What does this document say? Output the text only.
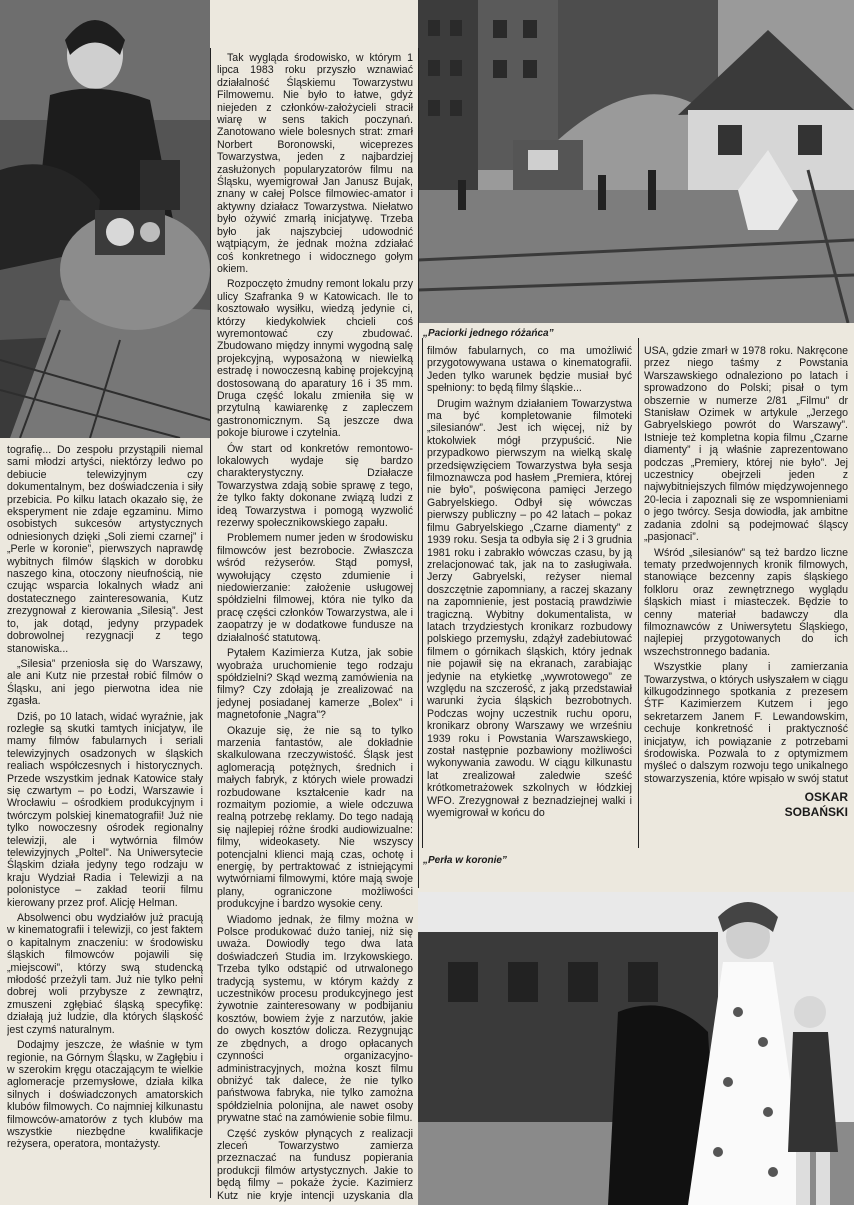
„Paciorki jednego różańca”
„Perła w koronie”

tografię... Do zespołu przystąpili niemal sami młodzi artyści, niektórzy ledwo po debiucie telewizyjnym czy dokumentalnym, bez doświadczenia i siły przebicia. Po kilku latach okazało się, że eksperyment nie zdaje egzaminu. Mimo osobistych sukcesów artystycznych odniesionych dzięki „Soli ziemi czarnej” i „Perle w koronie”, pierwszych naprawdę wybitnych filmów śląskich w dorobku naszego kina, otoczony nieufnością, nie czując wsparcia lokalnych władz ani dostatecznego zainteresowania, Kutz zrezygnował z kierowania „Silesią”. Jest to, jak dotąd, jedyny przypadek dobrowolnej rezygnacji z tego stanowiska...

„Silesia” przeniosła się do Warszawy, ale ani Kutz nie przestał robić filmów o Śląsku, ani jego pierwotna idea nie zgasła.

Dziś, po 10 latach, widać wyraźnie, jak rozległe są skutki tamtych inicjatyw, ile mamy filmów fabularnych i seriali telewizyjnych osadzonych w śląskich realiach współczesnych i historycznych. Przede wszystkim jednak Katowice stały się czwartym – po Łodzi, Warszawie i Wrocławiu – ośrodkiem produkcyjnym i twórczym polskiej kinematografii! Już nie tylko nowoczesny ośrodek regionalny telewizji, ale i wytwórnia filmów telewizyjnych „Poltel”. Na Uniwersytecie Śląskim działa jedyny tego rodzaju w kraju Wydział Radia i Telewizji a na polonistyce – zakład teorii filmu kierowany przez prof. Alicję Helman.

Absolwenci obu wydziałów już pracują w kinematografii i telewizji, co jest faktem o kapitalnym znaczeniu: w środowisku śląskich filmowców pojawili się „miejscowi”, którzy swą studencką młodość przeżyli tam. Już nie tylko pełni dobrej woli przybysze z zewnątrz, zmuszeni zgłębiać śląską specyfikę: działają już ludzie, dla których śląskość jest czymś naturalnym.

Dodajmy jeszcze, że właśnie w tym regionie, na Górnym Śląsku, w Zagłębiu i w szerokim kręgu otaczającym te wielkie aglomeracje przemysłowe, działa kilka silnych i doświadczonych amatorskich klubów filmowych. Co najmniej kilkunastu filmowców-amatorów z tych klubów ma wszystkie niezbędne kwalifikacje reżysera, operatora, montażysty.

Tak wygląda środowisko, w którym 1 lipca 1983 roku przyszło wznawiać działalność Śląskiemu Towarzystwu Filmowemu. Nie było to łatwe, gdyż niejeden z członków-założycieli stracił wiarę w sens takich poczynań. Zanotowano wiele bolesnych strat: zmarł Norbert Boronowski, wiceprezes Towarzystwa, jeden z najbardziej zasłużonych popularyzatorów filmu na Śląsku, wyemigrował Jan Janusz Bujak, znany w całej Polsce filmowiec-amator i aktywny działacz Towarzystwa. Niełatwo było ożywić zmarłą inicjatywę. Trzeba było jak najszybciej udowodnić wątpiącym, że jednak można zdziałać coś konkretnego i widocznego gołym okiem.

Rozpoczęto żmudny remont lokalu przy ulicy Szafranka 9 w Katowicach. Ile to kosztowało wysiłku, wiedzą jedynie ci, którzy kiedykolwiek chcieli coś wyremontować czy zbudować. Zbudowano między innymi wygodną salę projekcyjną, wyposażoną w niewielką estradę i nowoczesną kabinę projekcyjną dostosowaną do aparatury 16 i 35 mm. Druga część lokalu zmieniła się w przytulną kawiarenkę z zapleczem gastronomicznym. Są jeszcze dwa pokoje biurowe i czytelnia.

Ów start od konkretów remontowo-lokalowych wydaje się bardzo charakterystyczny. Działacze Towarzystwa zdają sobie sprawę z tego, że tylko fakty dokonane związą ludzi z ideą Towarzystwa i pomogą wyzwolić rezerwy społecznikowskiego zapału.

Problemem numer jeden w środowisku filmowców jest bezrobocie. Zwłaszcza wśród reżyserów. Stąd pomysł, wywołujący często zdumienie i niedowierzanie: założenie usługowej spółdzielni filmowej, która nie tylko da pracę części członków Towarzystwa, ale i zaopatrzy je w dodatkowe fundusze na działalność statutową.

Pytałem Kazimierza Kutza, jak sobie wyobraża uruchomienie tego rodzaju spółdzielni? Skąd wezmą zamówienia na filmy? Czy zdołają je zrealizować na jedynej posiadanej kamerze „Bolex” i magnetofonie „Nagra”?

Okazuje się, że nie są to tylko marzenia fantastów, ale dokładnie skalkulowana rzeczywistość. Śląsk jest aglomeracją potężnych, średnich i małych fabryk, z których wiele prowadzi rozbudowane kształcenie kadr na rozmaitym poziomie, a wiele odczuwa realną potrzebę reklamy. Do tego nadają się najlepiej różne środki audiowizualne: filmy, wideokasety. Nie wszyscy potencjalni klienci mają czas, ochotę i energię, by pertraktować z istniejącymi wytwórniami filmowymi, które mają swoje plany, ograniczone możliwości produkcyjne i bardzo wysokie ceny.

Wiadomo jednak, że filmy można w Polsce produkować dużo taniej, niż się uważa. Dowiodły tego dwa lata doświadczeń Studia im. Irzykowskiego. Trzeba tylko odstąpić od utrwalonego tradycją systemu, w którym każdy z uczestników procesu produkcyjnego jest żywotnie zainteresowany w podbijaniu kosztów, bowiem żyje z narzutów, jakie do owych kosztów dolicza. Rezygnując ze zbędnych, a drogo opłacanych czynności organizacyjno-administracyjnych, można koszt filmu obniżyć tak dalece, że nie tylko państwowa fabryka, nie tylko zamożna spółdzielnia polonijna, ale nawet osoby prywatne stać na zamówienie sobie filmu.

Część zysków płynących z realizacji zleceń Towarzystwo zamierza przeznaczać na fundusz popierania produkcji filmów artystycznych. Jakie to będą filmy – pokaże życie. Kazimierz Kutz nie kryje intencji uzyskania dla

filmów fabularnych, co ma umożliwić przygotowywana ustawa o kinematografii. Jeden tylko warunek będzie musiał być spełniony: to będą filmy śląskie...

Drugim ważnym działaniem Towarzystwa ma być kompletowanie filmoteki „silesianów”. Jest ich więcej, niż by ktokolwiek mógł przypuścić. Nie przypadkowo pierwszym na wielką skalę przedsięwzięciem Towarzystwa była sesja filmoznawcza pod hasłem „Premiera, której nie było”, poświęcona pamięci Jerzego Gabryelskiego. Odbył się wówczas pierwszy publiczny – po 42 latach – pokaz filmu Gabryelskiego „Czarne diamenty” z 1939 roku. Sesja ta odbyła się 2 i 3 grudnia 1981 roku i zabrakło wówczas czasu, by ją zrelacjonować tak, jak na to zasługiwała. Jerzy Gabryelski, reżyser niemal doszczętnie zapomniany, a raczej skazany na zapomnienie, jest postacią prawdziwie tragiczną. Wybitny dokumentalista, w latach trzydziestych kronikarz rozbudowy polskiego przemysłu, zdążył zadebiutować filmem o górnikach śląskich, który jednak nie pojawił się na ekranach, zarabiając jedynie na etykietkę „wywrotowego” ze względu na szczerość, z jaką przedstawiał warunki życia śląskich bezrobotnych. Podczas wojny uczestnik ruchu oporu, kronikarz obrony Warszawy we wrześniu 1939 roku i Powstania Warszawskiego, został następnie pozbawiony możliwości wykonywania zawodu. W ciągu kilkunastu lat zrealizował zaledwie sześć krótkometrażowek szkolnych w łódzkiej WFO. Zrezygnował z beznadziejnej walki i wyemigrował w końcu do

USA, gdzie zmarł w 1978 roku. Nakręcone przez niego taśmy z Powstania Warszawskiego odnaleziono po latach i sprowadzono do Polski; pisał o tym obszernie w numerze 2/81 „Filmu” dr Stanisław Ozimek w artykule „Jerzego Gabryelskiego powrót do Warszawy”. Istnieje też kompletna kopia filmu „Czarne diamenty” i ją właśnie zaprezentowano podczas „Premiery, której nie było”. Jej uczestnicy obejrzeli jeden z najwybitniejszych filmów międzywojennego 20-lecia i zapoznali się ze wspomnieniami o jego twórcy. Sesja dowiodła, jak ambitne zadania zdolni są podejmować śląscy „pasjonaci”.

Wśród „silesianów” są też bardzo liczne tematy przedwojennych kronik filmowych, stanowiące bezcenny zapis śląskiego folkloru oraz zewnętrznego wyglądu śląskich miast i miasteczek. Będzie to cenny materiał badawczy dla filmoznawców z Uniwersytetu Śląskiego, najlepiej przygotowanych do ich wszechstronnego badania.

Wszystkie plany i zamierzania Towarzystwa, o których usłyszałem w ciągu kilkugodzinnego spotkania z prezesem ŚTF Kazimierzem Kutzem i jego sekretarzem Janem F. Lewandowskim, cechuje konkretność i praktyczność inicjatyw, ich powiązanie z potrzebami środowiska. Pozwala to z optymizmem myśleć o dalszym rozwoju tego unikalnego stowarzyszenia, które wpisało w swój statut

OSKAR
SOBAŃSKI
